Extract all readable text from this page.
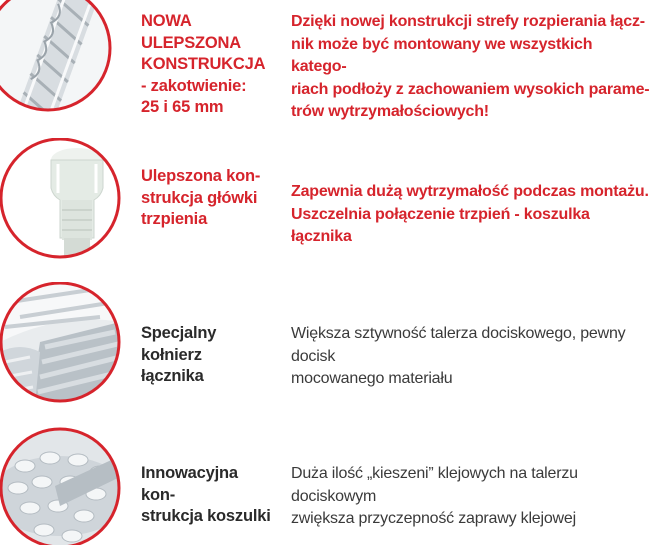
NOWA ULEPSZONA
KONSTRUKCJA
- zakotwienie:
25 i 65 mm
Dzięki nowej konstrukcji strefy rozpierania łącz-
nik może być montowany we wszystkich katego-
riach podłoży z zachowaniem wysokich parame-
trów wytrzymałościowych!
Ulepszona kon-
strukcja główki
trzpienia
Zapewnia dużą wytrzymałość podczas montażu.
Uszczelnia połączenie trzpień - koszulka łącznika
Specjalny kołnierz
łącznika
Większa sztywność talerza dociskowego, pewny docisk
mocowanego materiału
Innowacyjna kon-
strukcja koszulki
Duża ilość „kieszeni” klejowych na talerzu dociskowym
zwiększa przyczepność zaprawy klejowej
